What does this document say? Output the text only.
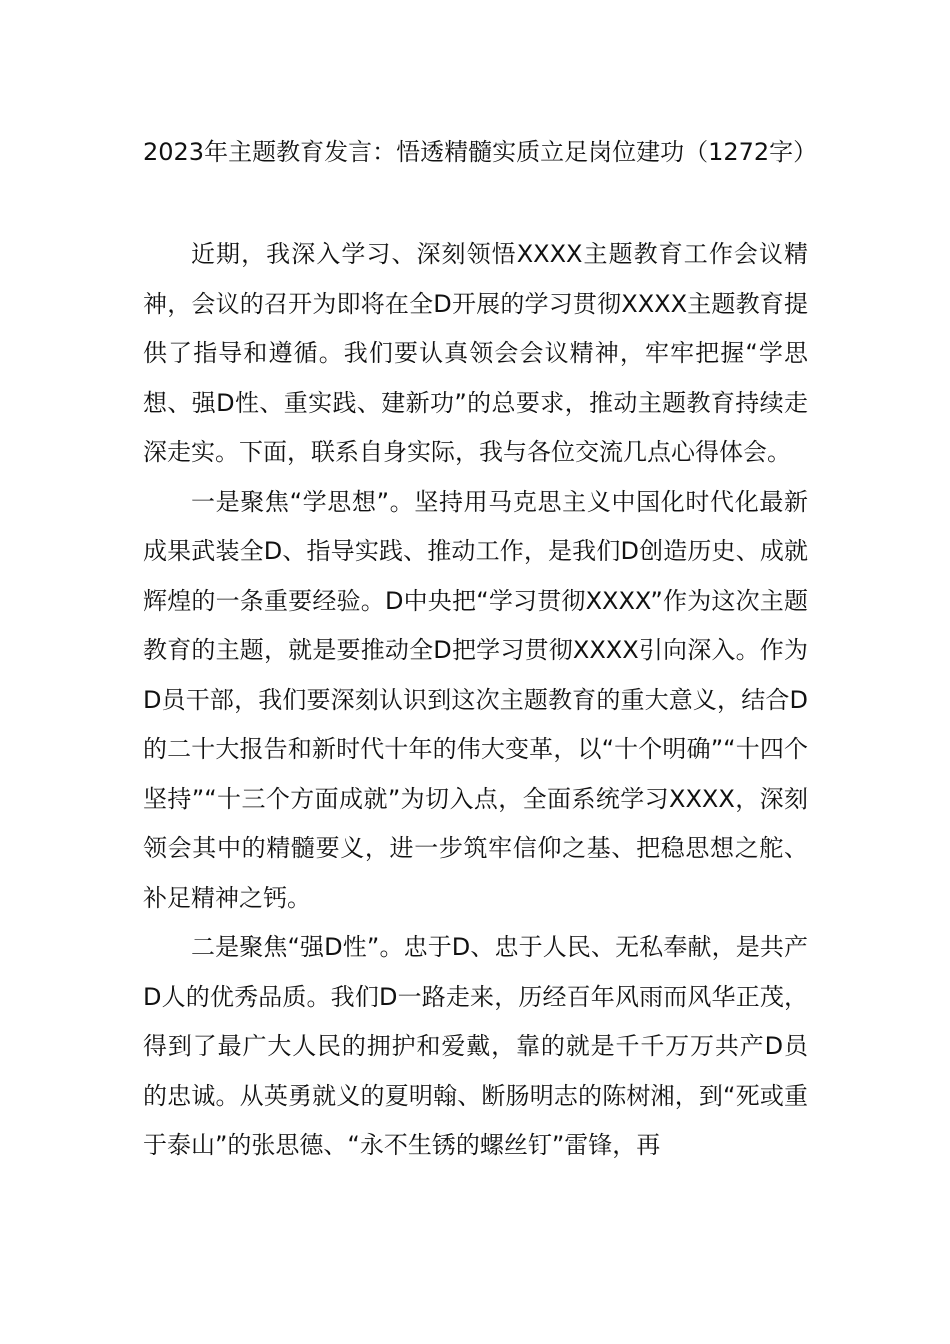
2023年主题教育发言：悟透精髓实质立足岗位建功（1272字）

近期，我深入学习、深刻领悟XXXX主题教育工作会议精神，会议的召开为即将在全D开展的学习贯彻XXXX主题教育提供了指导和遵循。我们要认真领会会议精神，牢牢把握“学思想、强D性、重实践、建新功”的总要求，推动主题教育持续走深走实。下面，联系自身实际，我与各位交流几点心得体会。

一是聚焦“学思想”。坚持用马克思主义中国化时代化最新成果武装全D、指导实践、推动工作，是我们D创造历史、成就辉煌的一条重要经验。D中央把“学习贯彻XXXX”作为这次主题教育的主题，就是要推动全D把学习贯彻XXXX引向深入。作为D员干部，我们要深刻认识到这次主题教育的重大意义，结合D的二十大报告和新时代十年的伟大变革，以“十个明确”“十四个坚持”“十三个方面成就”为切入点，全面系统学习XXXX，深刻领会其中的精髓要义，进一步筑牢信仰之基、把稳思想之舵、补足精神之钙。

二是聚焦“强D性”。忠于D、忠于人民、无私奉献，是共产D人的优秀品质。我们D一路走来，历经百年风雨而风华正茂，得到了最广大人民的拥护和爱戴，靠的就是千千万万共产D员的忠诚。从英勇就义的夏明翰、断肠明志的陈树湘，到“死或重于泰山”的张思德、“永不生锈的螺丝钉”雷锋，再
